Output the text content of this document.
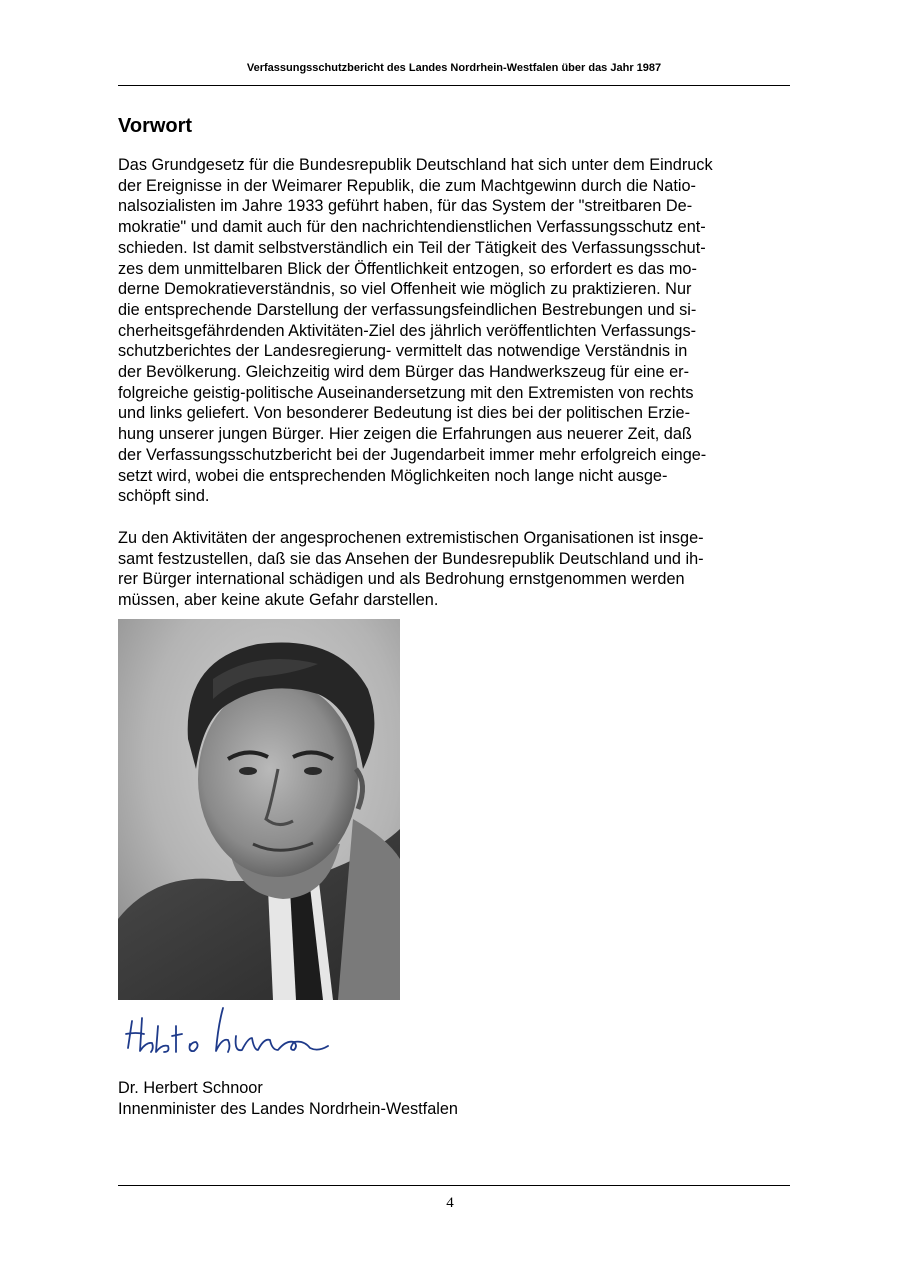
Verfassungsschutzbericht des Landes Nordrhein-Westfalen über das Jahr 1987
Vorwort

Das Grundgesetz für die Bundesrepublik Deutschland hat sich unter dem Eindruck
der Ereignisse in der Weimarer Republik, die zum Machtgewinn durch die Natio-
nalsozialisten im Jahre 1933 geführt haben, für das System der "streitbaren De-
mokratie" und damit auch für den nachrichtendienstlichen Verfassungsschutz ent-
schieden. Ist damit selbstverständlich ein Teil der Tätigkeit des Verfassungsschut-
zes dem unmittelbaren Blick der Öffentlichkeit entzogen, so erfordert es das mo-
derne Demokratieverständnis, so viel Offenheit wie möglich zu praktizieren. Nur
die entsprechende Darstellung der verfassungsfeindlichen Bestrebungen und si-
cherheitsgefährdenden Aktivitäten-Ziel des jährlich veröffentlichten Verfassungs-
schutzberichtes der Landesregierung- vermittelt das notwendige Verständnis in
der Bevölkerung. Gleichzeitig wird dem Bürger das Handwerkszeug für eine er-
folgreiche geistig-politische Auseinandersetzung mit den Extremisten von rechts
und links geliefert. Von besonderer Bedeutung ist dies bei der politischen Erzie-
hung unserer jungen Bürger. Hier zeigen die Erfahrungen aus neuerer Zeit, daß
der Verfassungsschutzbericht bei der Jugendarbeit immer mehr erfolgreich einge-
setzt wird, wobei die entsprechenden Möglichkeiten noch lange nicht ausge-
schöpft sind.

Zu den Aktivitäten der angesprochenen extremistischen Organisationen ist insge-
samt festzustellen, daß sie das Ansehen der Bundesrepublik Deutschland und ih-
rer Bürger international schädigen und als Bedrohung ernstgenommen werden
müssen, aber keine akute Gefahr darstellen.

Dr. Herbert Schnoor
Innenminister des Landes Nordrhein-Westfalen

4
